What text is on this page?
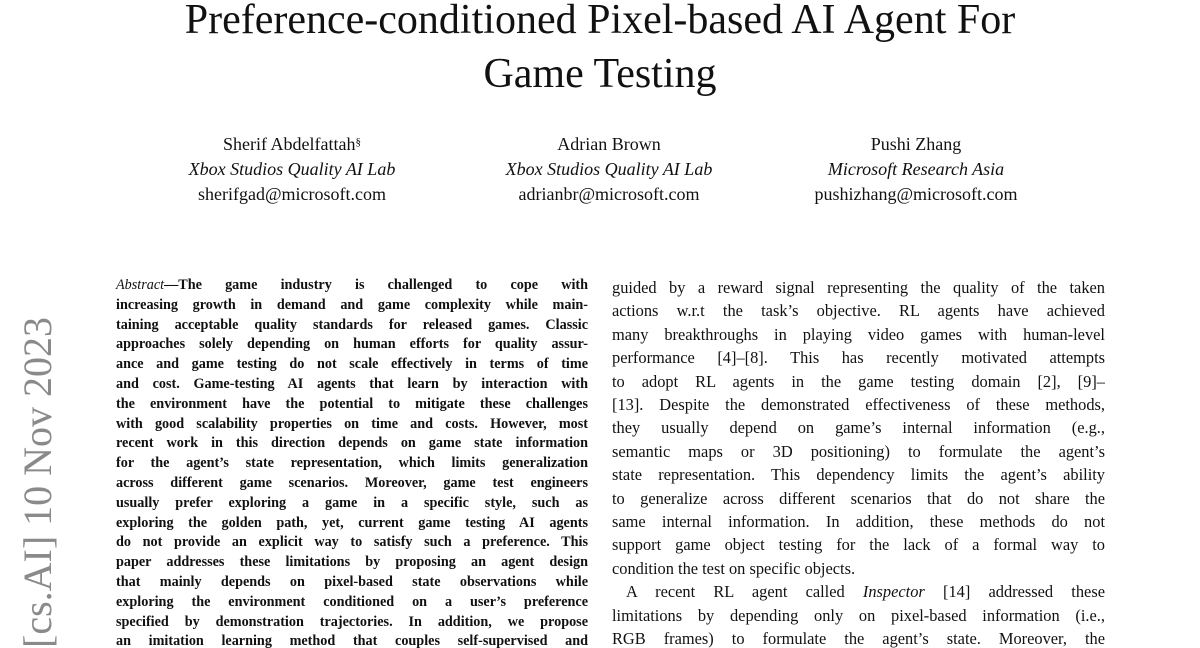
Preference-conditioned Pixel-based AI Agent For
Game Testing
Sherif Abdelfattah§
Xbox Studios Quality AI Lab
sherifgad@microsoft.com
Adrian Brown
Xbox Studios Quality AI Lab
adrianbr@microsoft.com
Pushi Zhang
Microsoft Research Asia
pushizhang@microsoft.com
[cs.AI] 10 Nov 2023

Abstract—The game industry is challenged to cope with

increasing growth in demand and game complexity while main-

taining acceptable quality standards for released games. Classic

approaches solely depending on human efforts for quality assur-

ance and game testing do not scale effectively in terms of time

and cost. Game-testing AI agents that learn by interaction with

the environment have the potential to mitigate these challenges

with good scalability properties on time and costs. However, most

recent work in this direction depends on game state information

for the agent’s state representation, which limits generalization

across different game scenarios. Moreover, game test engineers

usually prefer exploring a game in a specific style, such as

exploring the golden path, yet, current game testing AI agents

do not provide an explicit way to satisfy such a preference. This

paper addresses these limitations by proposing an agent design

that mainly depends on pixel-based state observations while

exploring the environment conditioned on a user’s preference

specified by demonstration trajectories. In addition, we propose

an imitation learning method that couples self-supervised and

guided by a reward signal representing the quality of the taken

actions w.r.t the task’s objective. RL agents have achieved

many breakthroughs in playing video games with human-level

performance [4]–[8]. This has recently motivated attempts

to adopt RL agents in the game testing domain [2], [9]–

[13]. Despite the demonstrated effectiveness of these methods,

they usually depend on game’s internal information (e.g.,

semantic maps or 3D positioning) to formulate the agent’s

state representation. This dependency limits the agent’s ability

to generalize across different scenarios that do not share the

same internal information. In addition, these methods do not

support game object testing for the lack of a formal way to

condition the test on specific objects.

A recent RL agent called Inspector [14] addressed these

limitations by depending only on pixel-based information (i.e.,

RGB frames) to formulate the agent’s state. Moreover, the
